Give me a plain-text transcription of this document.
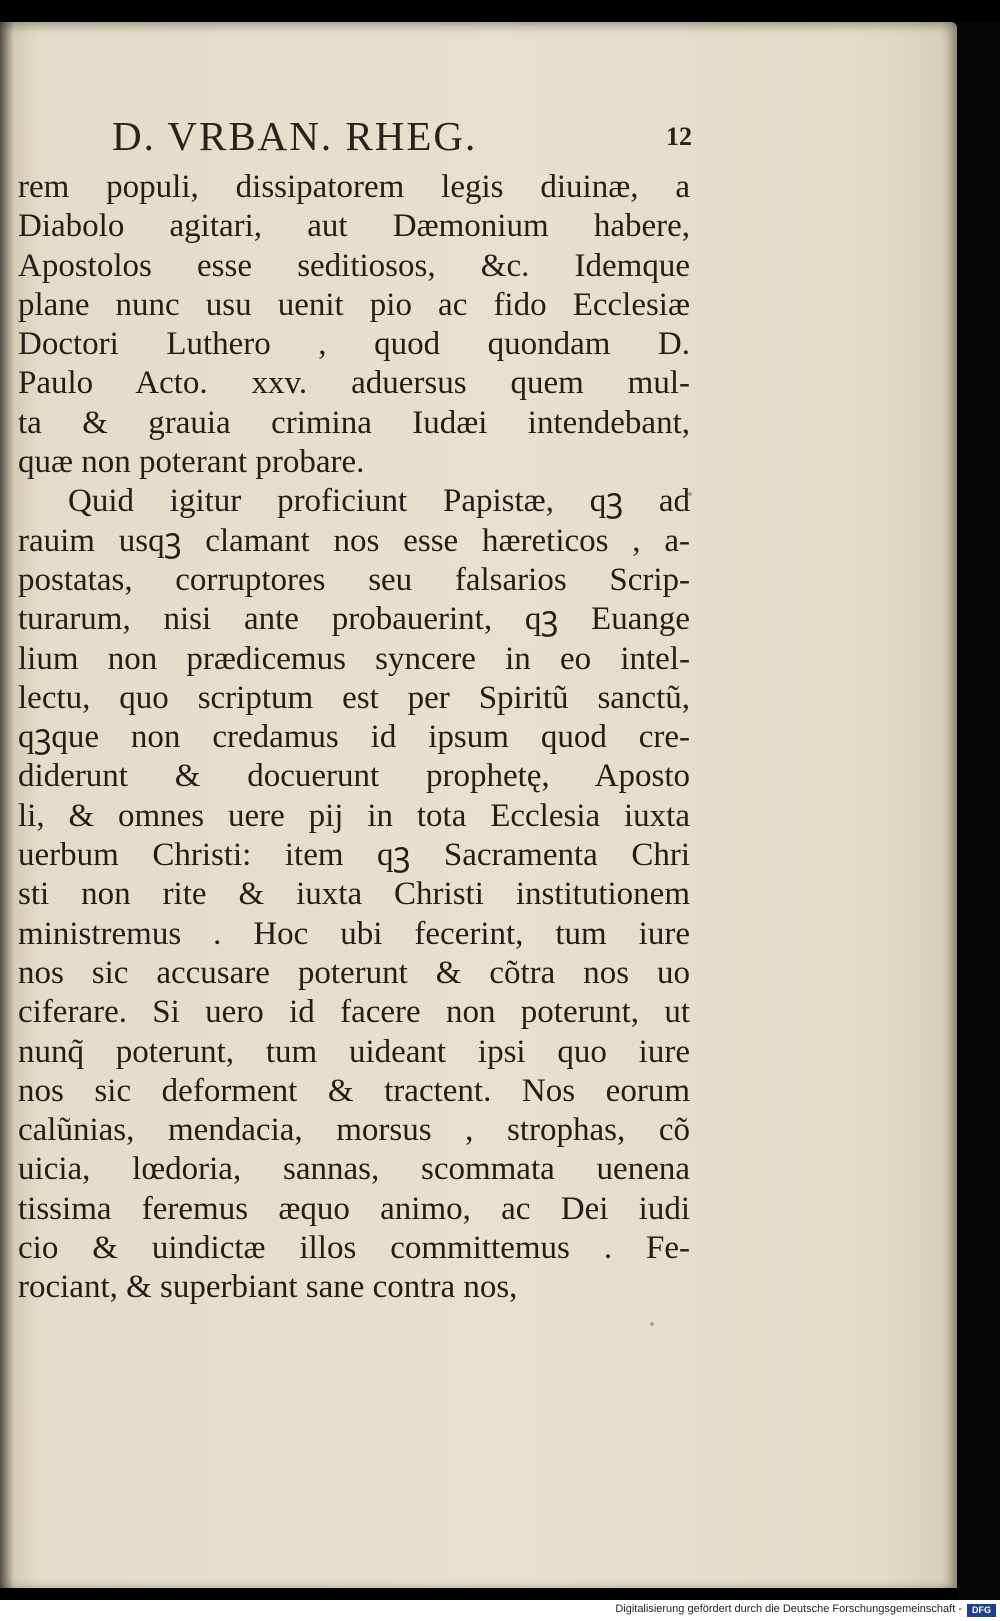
D. VRBAN. RHEG.	12
rem populi, dissipatorem legis diuinæ, a
Diabolo agitari, aut Dæmonium habere,
Apostolos esse seditiosos, &c. Idemque
plane nunc usu uenit pio ac fido Ecclesiæ
Doctori Luthero , quod quondam D.
Paulo Acto. xxv. aduersus quem mul-
ta & grauia crimina Iudæi intendebant,
quæ non poterant probare.
Quid igitur proficiunt Papistæ, qꝫ ad
rauim usqꝫ clamant nos esse hæreticos , a-
postatas, corruptores seu falsarios Scrip-
turarum, nisi ante probauerint, qꝫ Euange
lium non prædicemus syncere in eo intel-
lectu, quo scriptum est per Spiritũ sanctũ,
qꝫque non credamus id ipsum quod cre-
diderunt & docuerunt prophetę, Aposto
li, & omnes uere pij in tota Ecclesia iuxta
uerbum Christi: item qꝫ Sacramenta Chri
sti non rite & iuxta Christi institutionem
ministremus . Hoc ubi fecerint, tum iure
nos sic accusare poterunt & cõtra nos uo
ciferare. Si uero id facere non poterunt, ut
nunq̃ poterunt, tum uideant ipsi quo iure
nos sic deforment & tractent. Nos eorum
calũnias, mendacia, morsus , strophas, cõ
uicia, lœdoria, sannas, scommata uenena
tissima feremus æquo animo, ac Dei iudi
cio & uindictæ illos committemus . Fe-
rociant, & superbiant sane contra nos,
Digitalisierung gefördert durch die Deutsche Forschungsgemeinschaft -	DFG
